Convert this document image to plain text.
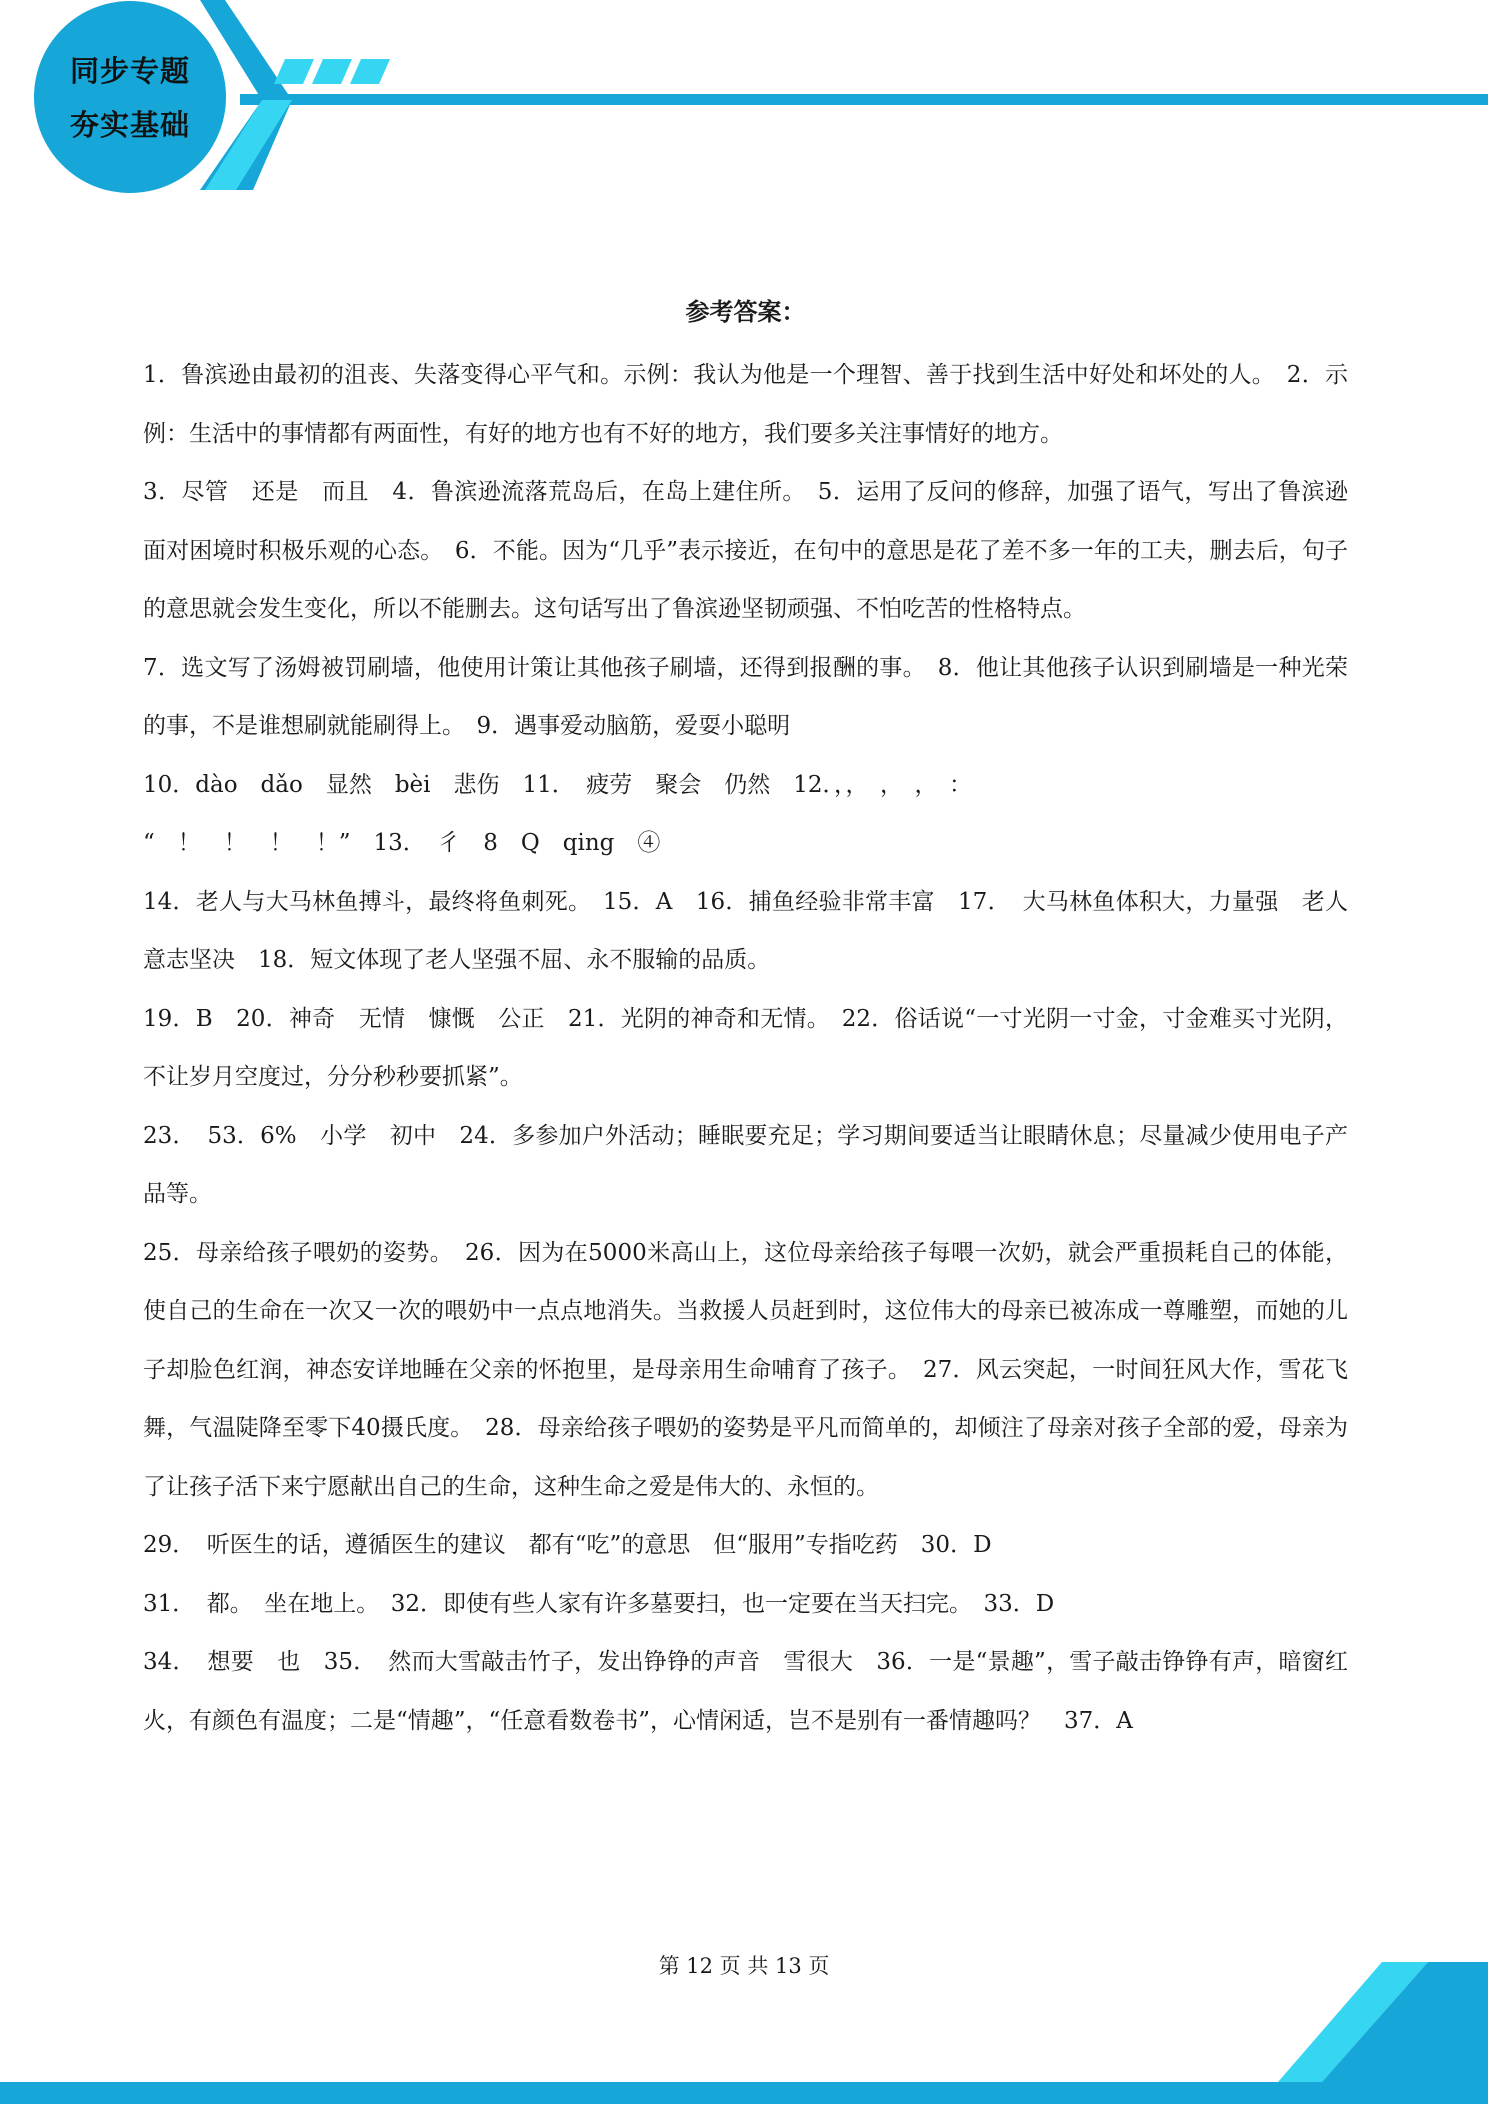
同步专题
夯实基础
参考答案：

1．鲁滨逊由最初的沮丧、失落变得心平气和。示例：我认为他是一个理智、善于找到生活中好处和坏处的人。　2．示例：生活中的事情都有两面性，有好的地方也有不好的地方，我们要多关注事情好的地方。

3．尽管　还是　而且　4．鲁滨逊流落荒岛后，在岛上建住所。　5．运用了反问的修辞，加强了语气，写出了鲁滨逊面对困境时积极乐观的心态。　6．不能。因为“几乎”表示接近，在句中的意思是花了差不多一年的工夫，删去后，句子的意思就会发生变化，所以不能删去。这句话写出了鲁滨逊坚韧顽强、不怕吃苦的性格特点。

7．选文写了汤姆被罚刷墙，他使用计策让其他孩子刷墙，还得到报酬的事。　8．他让其他孩子认识到刷墙是一种光荣的事，不是谁想刷就能刷得上。　9．遇事爱动脑筋，爱耍小聪明

10．dào　dǎo　显然　bèi　悲伤　11．　疲劳　聚会　仍然　12．，，　，　，　：

“　！　！　！　！”　13．　彳　8　Q　qing　④

14．老人与大马林鱼搏斗，最终将鱼刺死。　15．A　16．捕鱼经验非常丰富　17．　大马林鱼体积大，力量强　老人意志坚决　18．短文体现了老人坚强不屈、永不服输的品质。

19．B　20．神奇　无情　慷慨　公正　21．光阴的神奇和无情。　22．俗话说“一寸光阴一寸金，寸金难买寸光阴，不让岁月空度过，分分秒秒要抓紧”。

23．　53．6%　小学　初中　24．多参加户外活动；睡眠要充足；学习期间要适当让眼睛休息；尽量减少使用电子产品等。

25．母亲给孩子喂奶的姿势。　26．因为在5000米高山上，这位母亲给孩子每喂一次奶，就会严重损耗自己的体能，使自己的生命在一次又一次的喂奶中一点点地消失。当救援人员赶到时，这位伟大的母亲已被冻成一尊雕塑，而她的儿子却脸色红润，神态安详地睡在父亲的怀抱里，是母亲用生命哺育了孩子。　27．风云突起，一时间狂风大作，雪花飞舞，气温陡降至零下40摄氏度。　28．母亲给孩子喂奶的姿势是平凡而简单的，却倾注了母亲对孩子全部的爱，母亲为了让孩子活下来宁愿献出自己的生命，这种生命之爱是伟大的、永恒的。

29．　听医生的话，遵循医生的建议　都有“吃”的意思　但“服用”专指吃药　30．D

31．　都。　坐在地上。　32．即使有些人家有许多墓要扫，也一定要在当天扫完。　33．D

34．　想要　也　35．　然而大雪敲击竹子，发出铮铮的声音　雪很大　36．一是“景趣”，雪子敲击铮铮有声，暗窗红火，有颜色有温度；二是“情趣”，“任意看数卷书”，心情闲适，岂不是别有一番情趣吗？　37．A

第 12 页 共 13 页
